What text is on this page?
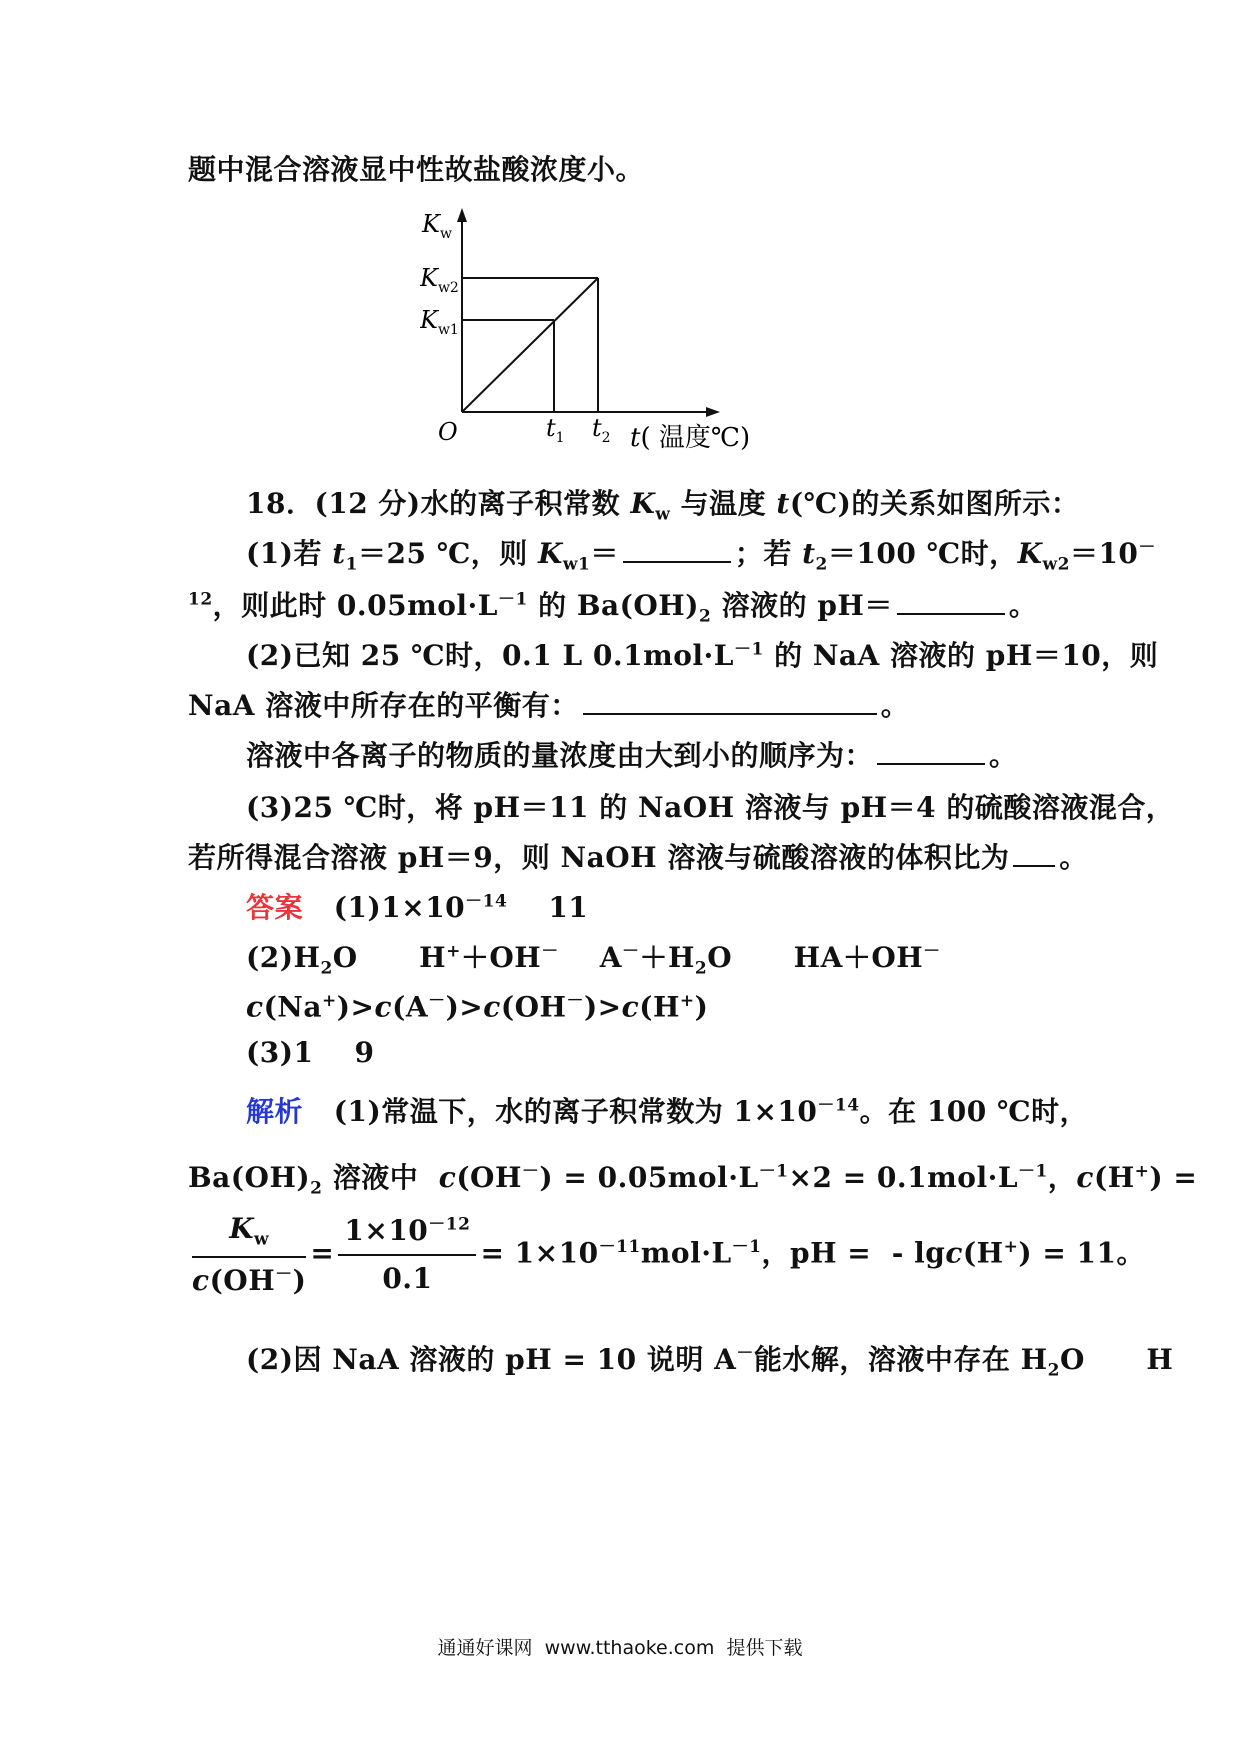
题中混合溶液显中性故盐酸浓度小。
$K_w$
$K_{w2}$
$K_{w1}$
O	$t_1$ $t_2$ t( 温度℃)
18．(12 分)水的离子积常数 $K_w$ 与温度 t(℃)的关系如图所示：
(1)若 $t_1=25$ ℃，则 $K_{w1}=$	；若 $t_2=100$ ℃时，$K_{w2}=10^-$
$^{12}$，则此时 $0.05mol\cdot L^{-1}$ 的 $Ba(OH)_2$ 溶液的 pH＝	。
(2)已知 25 ℃时，0.1 L $0.1mol\cdot L^{-1}$ 的 NaA 溶液的 pH＝10，则
NaA 溶液中所存在的平衡有：	。
溶液中各离子的物质的量浓度由大到小的顺序为：	。
(3)25 ℃时，将 pH＝11 的 NaOH 溶液与 pH＝4 的硫酸溶液混合，
若所得混合溶液 pH＝9，则 NaOH 溶液与硫酸溶液的体积比为 。
答案 $(1)1\times 10^{-14}$    11
$(2)H_2O$      H+＋OH－    $A^-+H_2O$      HA＋OH－
c(Na+)>c(A－)>c(OH－)>c(H+)
(3)1    9
解析 (1)常温下，水的离子积常数为 $1\times 10^{-14}$。在 100 ℃时，
$Ba(OH)_2$ 溶液中  $c(OH^-) = 0.05mol\cdot L^{-1}\times 2 = 0.1mol\cdot L^{-1}$，c(H+) =
$\frac{K_w}{c(OH^-)} = \frac{1\times 10^{-12}}{0.1} = 1\times 10^{-11}mol\cdot L^{-1}$，pH =  - lgc(H+) = 11。
(2)因 NaA 溶液的 pH = 10 说明 A－能水解，溶液中存在 $H_2O$      H
通通好课网  www.tthaoke.com  提供下载
